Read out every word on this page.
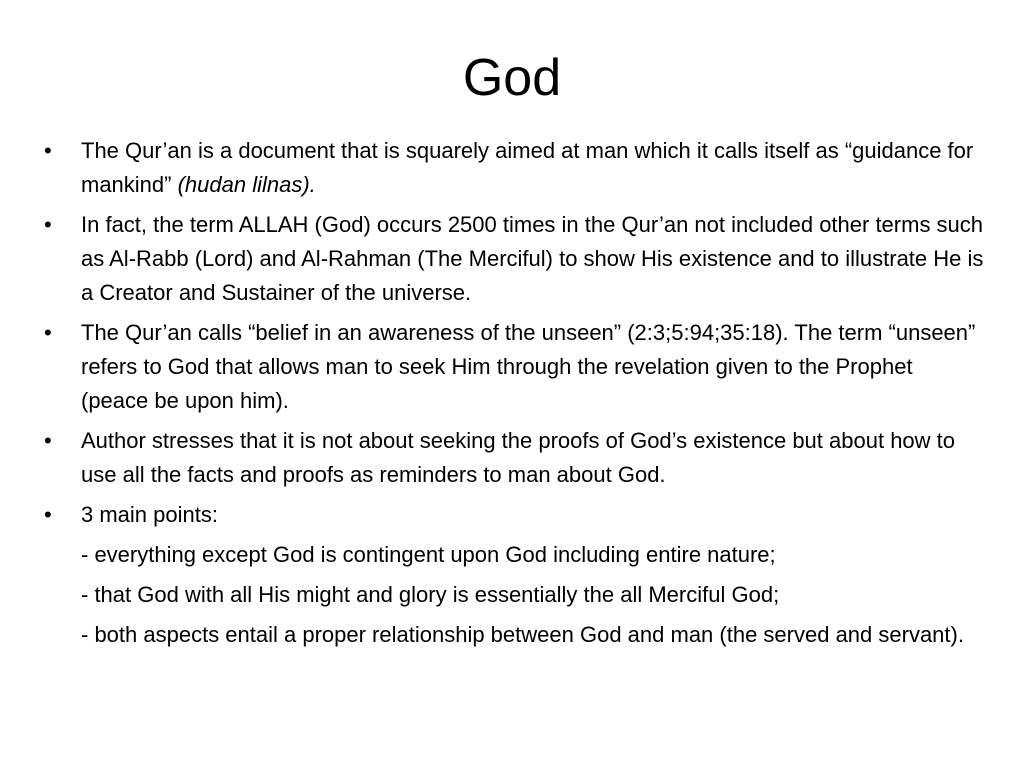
God
•	The Qur’an is a document that is squarely aimed at man which it calls itself as “guidance for mankind” (hudan lilnas).
•	In fact, the term ALLAH (God) occurs 2500 times in the Qur’an not included other terms such as Al-Rabb (Lord) and Al-Rahman (The Merciful) to show His existence and to illustrate He is a Creator and Sustainer of the universe.
•	The Qur’an calls “belief in an awareness of the unseen” (2:3;5:94;35:18). The term “unseen” refers to God that allows man to seek Him through the revelation given to the Prophet (peace be upon him).
•	Author stresses that it is not about seeking the proofs of God’s existence but about how to use all the facts and proofs as reminders to man about God.
•	3 main points:
- everything except God is contingent upon God including entire nature;
- that God with all His might and glory is essentially the all Merciful God;
- both aspects entail a proper relationship between God and man (the served and servant).
